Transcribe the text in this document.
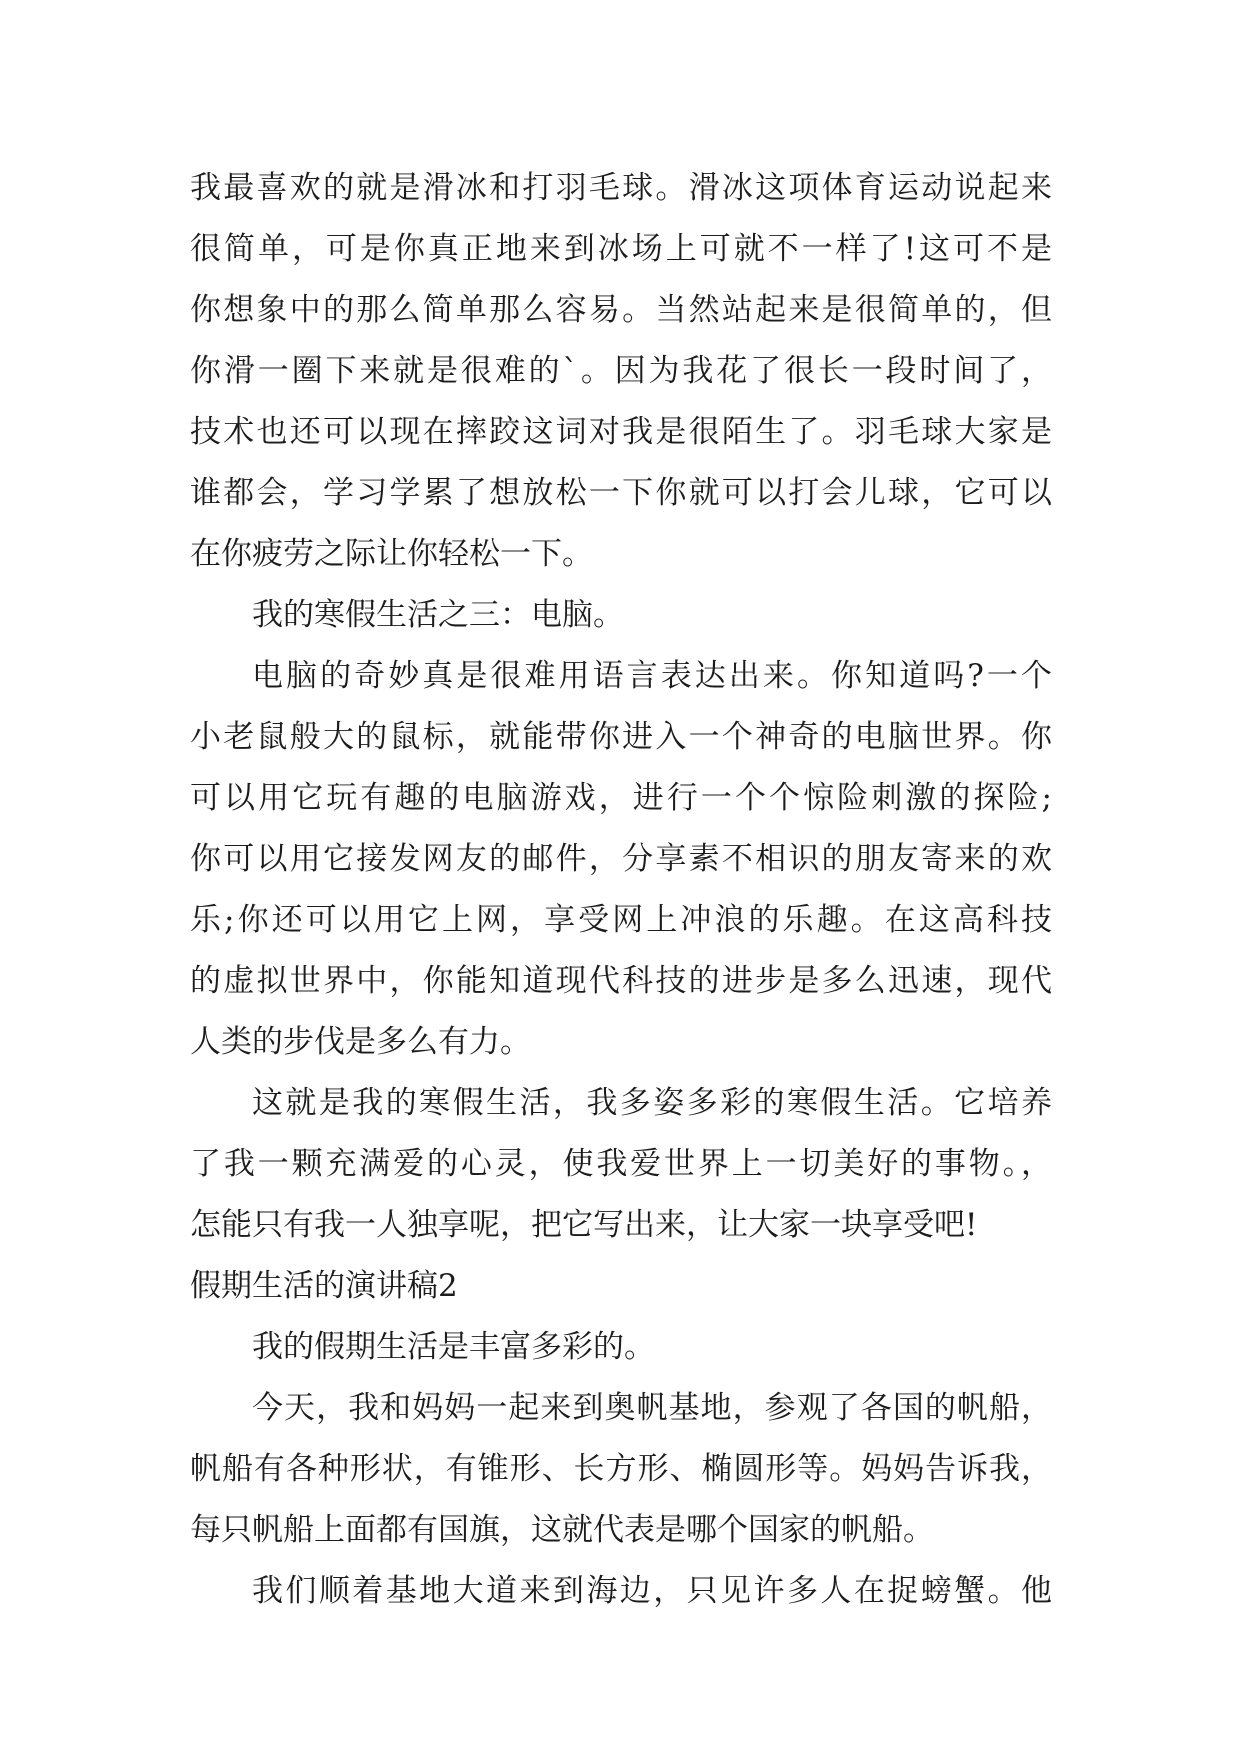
我最喜欢的就是滑冰和打羽毛球。滑冰这项体育运动说起来
很简单，可是你真正地来到冰场上可就不一样了!这可不是
你想象中的那么简单那么容易。当然站起来是很简单的，但
你滑一圈下来就是很难的`。因为我花了很长一段时间了，
技术也还可以现在摔跤这词对我是很陌生了。羽毛球大家是
谁都会，学习学累了想放松一下你就可以打会儿球，它可以
在你疲劳之际让你轻松一下。
我的寒假生活之三：电脑。
电脑的奇妙真是很难用语言表达出来。你知道吗?一个
小老鼠般大的鼠标，就能带你进入一个神奇的电脑世界。你
可以用它玩有趣的电脑游戏，进行一个个惊险刺激的探险;
你可以用它接发网友的邮件，分享素不相识的朋友寄来的欢
乐;你还可以用它上网，享受网上冲浪的乐趣。在这高科技
的虚拟世界中，你能知道现代科技的进步是多么迅速，现代
人类的步伐是多么有力。
这就是我的寒假生活，我多姿多彩的寒假生活。它培养
了我一颗充满爱的心灵，使我爱世界上一切美好的事物。，
怎能只有我一人独享呢，把它写出来，让大家一块享受吧!
假期生活的演讲稿2
我的假期生活是丰富多彩的。
今天，我和妈妈一起来到奥帆基地，参观了各国的帆船，
帆船有各种形状，有锥形、长方形、椭圆形等。妈妈告诉我，
每只帆船上面都有国旗，这就代表是哪个国家的帆船。
我们顺着基地大道来到海边，只见许多人在捉螃蟹。他
